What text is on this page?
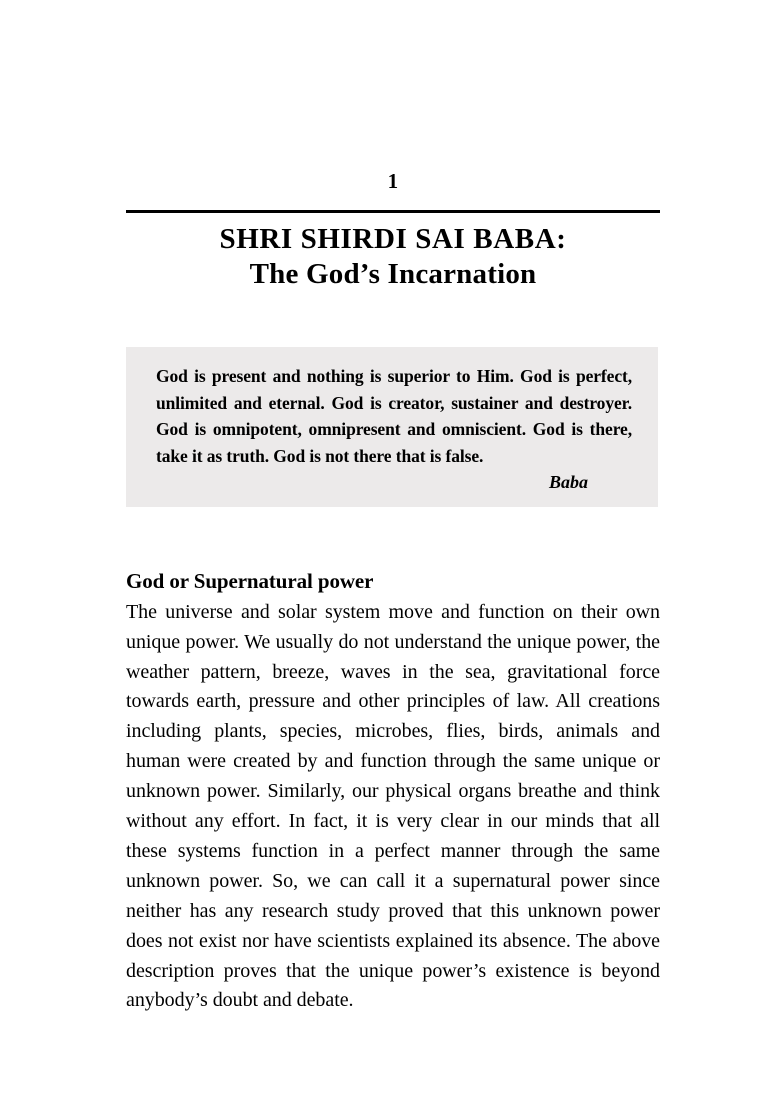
1
SHRI SHIRDI SAI BABA:
The God’s Incarnation

God is present and nothing is superior to Him. God is perfect, unlimited and eternal. God is creator, sustainer and destroyer. God is omnipotent, omnipresent and omniscient. God is there, take it as truth. God is not there that is false.

Baba
God or Supernatural power

The universe and solar system move and function on their own unique power. We usually do not understand the unique power, the weather pattern, breeze, waves in the sea, gravitational force towards earth, pressure and other principles of law. All creations including plants, species, microbes, flies, birds, animals and human were created by and function through the same unique or unknown power. Similarly, our physical organs breathe and think without any effort. In fact, it is very clear in our minds that all these systems function in a perfect manner through the same unknown power. So, we can call it a supernatural power since neither has any research study proved that this unknown power does not exist nor have scientists explained its absence. The above description proves that the unique power’s existence is beyond anybody’s doubt and debate.
